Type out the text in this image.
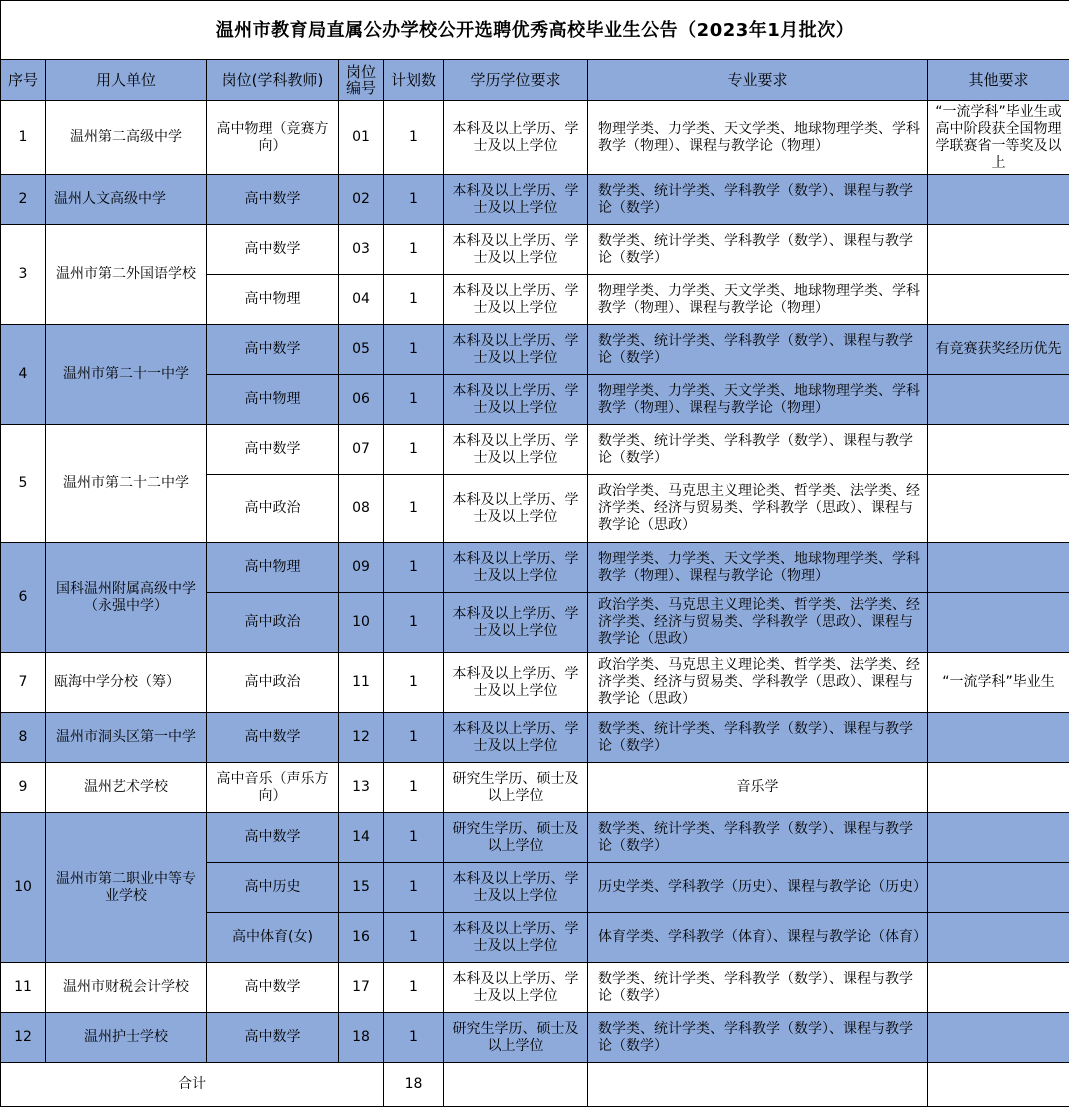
温州市教育局直属公办学校公开选聘优秀高校毕业生公告（2023年1月批次）							
序号	用人单位	岗位(学科教师)	岗位编号	计划数	学历学位要求	专业要求	其他要求
1	温州第二高级中学	高中物理（竞赛方向）	01	1	本科及以上学历、学士及以上学位	物理学类、力学类、天文学类、地球物理学类、学科教学（物理）、课程与教学论（物理）	“一流学科”毕业生或高中阶段获全国物理学联赛省一等奖及以上
2	温州人文高级中学	高中数学	02	1	本科及以上学历、学士及以上学位	数学类、统计学类、学科教学（数学）、课程与教学论（数学）	
3	温州市第二外国语学校	高中数学	03	1	本科及以上学历、学士及以上学位	数学类、统计学类、学科教学（数学）、课程与教学论（数学）	
		高中物理	04	1	本科及以上学历、学士及以上学位	物理学类、力学类、天文学类、地球物理学类、学科教学（物理）、课程与教学论（物理）	
4	温州市第二十一中学	高中数学	05	1	本科及以上学历、学士及以上学位	数学类、统计学类、学科教学（数学）、课程与教学论（数学）	有竞赛获奖经历优先
		高中物理	06	1	本科及以上学历、学士及以上学位	物理学类、力学类、天文学类、地球物理学类、学科教学（物理）、课程与教学论（物理）	
5	温州市第二十二中学	高中数学	07	1	本科及以上学历、学士及以上学位	数学类、统计学类、学科教学（数学）、课程与教学论（数学）	
		高中政治	08	1	本科及以上学历、学士及以上学位	政治学类、马克思主义理论类、哲学类、法学类、经济学类、经济与贸易类、学科教学（思政）、课程与教学论（思政）	
6	国科温州附属高级中学（永强中学）	高中物理	09	1	本科及以上学历、学士及以上学位	物理学类、力学类、天文学类、地球物理学类、学科教学（物理）、课程与教学论（物理）	
		高中政治	10	1	本科及以上学历、学士及以上学位	政治学类、马克思主义理论类、哲学类、法学类、经济学类、经济与贸易类、学科教学（思政）、课程与教学论（思政）	
7	瓯海中学分校（筹）	高中政治	11	1	本科及以上学历、学士及以上学位	政治学类、马克思主义理论类、哲学类、法学类、经济学类、经济与贸易类、学科教学（思政）、课程与教学论（思政）	“一流学科”毕业生
8	温州市洞头区第一中学	高中数学	12	1	本科及以上学历、学士及以上学位	数学类、统计学类、学科教学（数学）、课程与教学论（数学）	
9	温州艺术学校	高中音乐（声乐方向）	13	1	研究生学历、硕士及以上学位	音乐学	
10	温州市第二职业中等专业学校	高中数学	14	1	研究生学历、硕士及以上学位	数学类、统计学类、学科教学（数学）、课程与教学论（数学）	
		高中历史	15	1	本科及以上学历、学士及以上学位	历史学类、学科教学（历史）、课程与教学论（历史）	
		高中体育(女)	16	1	本科及以上学历、学士及以上学位	体育学类、学科教学（体育）、课程与教学论（体育）	
11	温州市财税会计学校	高中数学	17	1	本科及以上学历、学士及以上学位	数学类、统计学类、学科教学（数学）、课程与教学论（数学）	
12	温州护士学校	高中数学	18	1	研究生学历、硕士及以上学位	数学类、统计学类、学科教学（数学）、课程与教学论（数学）	
合计				18			
